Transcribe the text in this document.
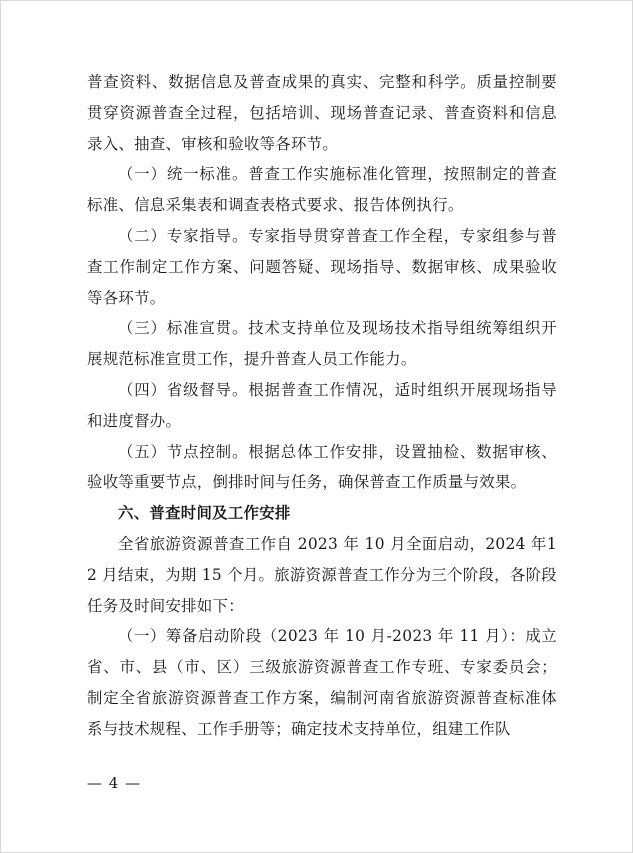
普查资料、数据信息及普查成果的真实、完整和科学。质量控制要贯穿资源普查全过程，包括培训、现场普查记录、普查资料和信息录入、抽查、审核和验收等各环节。

（一）统一标准。普查工作实施标准化管理，按照制定的普查标准、信息采集表和调查表格式要求、报告体例执行。

（二）专家指导。专家指导贯穿普查工作全程，专家组参与普查工作制定工作方案、问题答疑、现场指导、数据审核、成果验收等各环节。

（三）标准宣贯。技术支持单位及现场技术指导组统筹组织开展规范标准宣贯工作，提升普查人员工作能力。

（四）省级督导。根据普查工作情况，适时组织开展现场指导和进度督办。

（五）节点控制。根据总体工作安排，设置抽检、数据审核、验收等重要节点，倒排时间与任务，确保普查工作质量与效果。

六、普查时间及工作安排

全省旅游资源普查工作自 2023 年 10 月全面启动，2024 年12 月结束，为期 15 个月。旅游资源普查工作分为三个阶段，各阶段任务及时间安排如下：

（一）筹备启动阶段（2023 年 10 月-2023 年 11 月）：成立省、市、县（市、区）三级旅游资源普查工作专班、专家委员会；制定全省旅游资源普查工作方案，编制河南省旅游资源普查标准体系与技术规程、工作手册等；确定技术支持单位，组建工作队

— 4 —
